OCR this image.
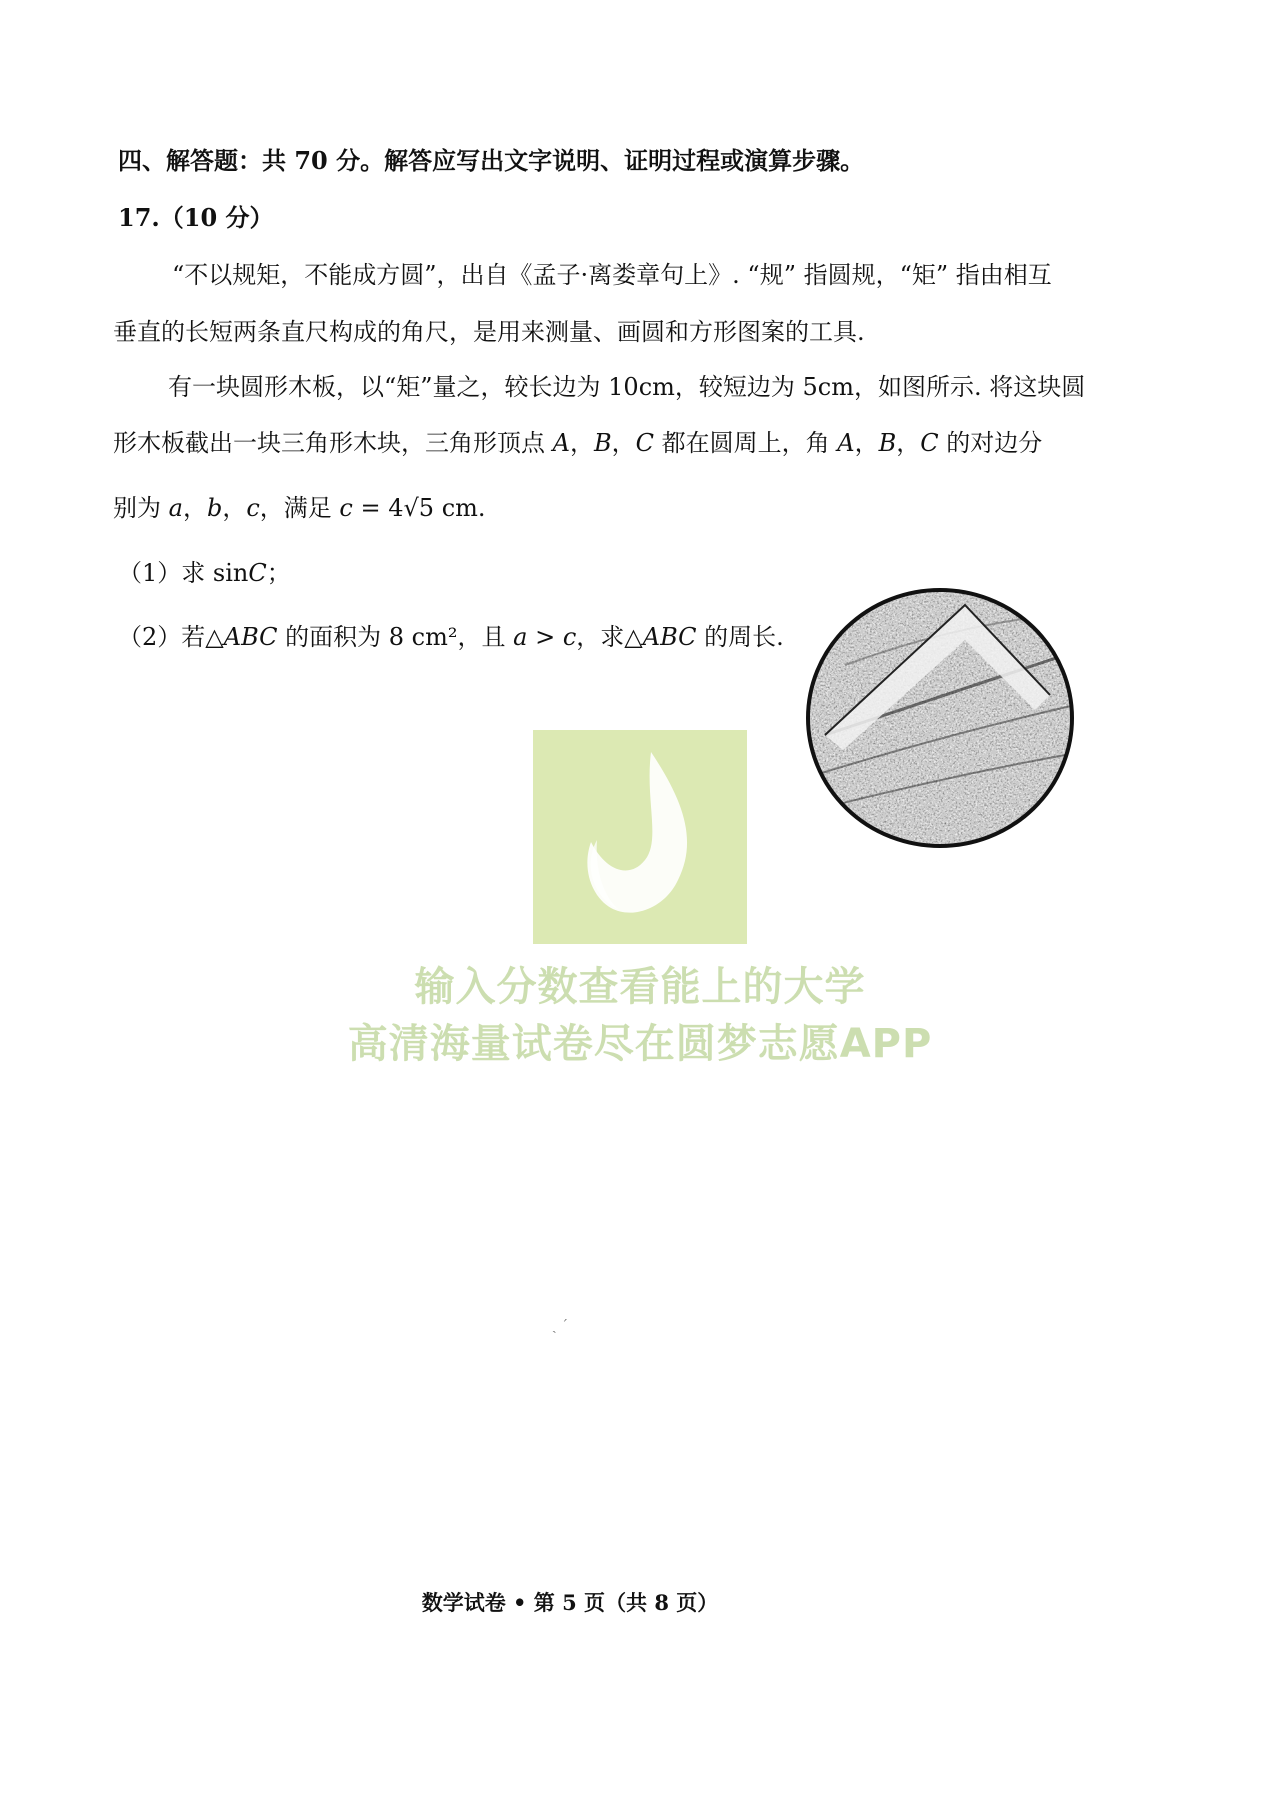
四、解答题：共 70 分。解答应写出文字说明、证明过程或演算步骤。
17.（10 分）
“不以规矩，不能成方圆”，出自《孟子·离娄章句上》. “规” 指圆规，“矩” 指由相互
垂直的长短两条直尺构成的角尺，是用来测量、画圆和方形图案的工具.
有一块圆形木板，以“矩”量之，较长边为 10cm，较短边为 5cm，如图所示. 将这块圆
形木板截出一块三角形木块，三角形顶点 A，B，C 都在圆周上，角 A，B，C 的对边分
别为 a，b，c，满足 c = 4√5 cm.
（1）求 sinC；
（2）若△ABC 的面积为 8 cm²，且 a > c，求△ABC 的周长.
输入分数查看能上的大学
高清海量试卷尽在圆梦志愿APP
ˏ ˊ
数学试卷 • 第 5 页（共 8 页）
